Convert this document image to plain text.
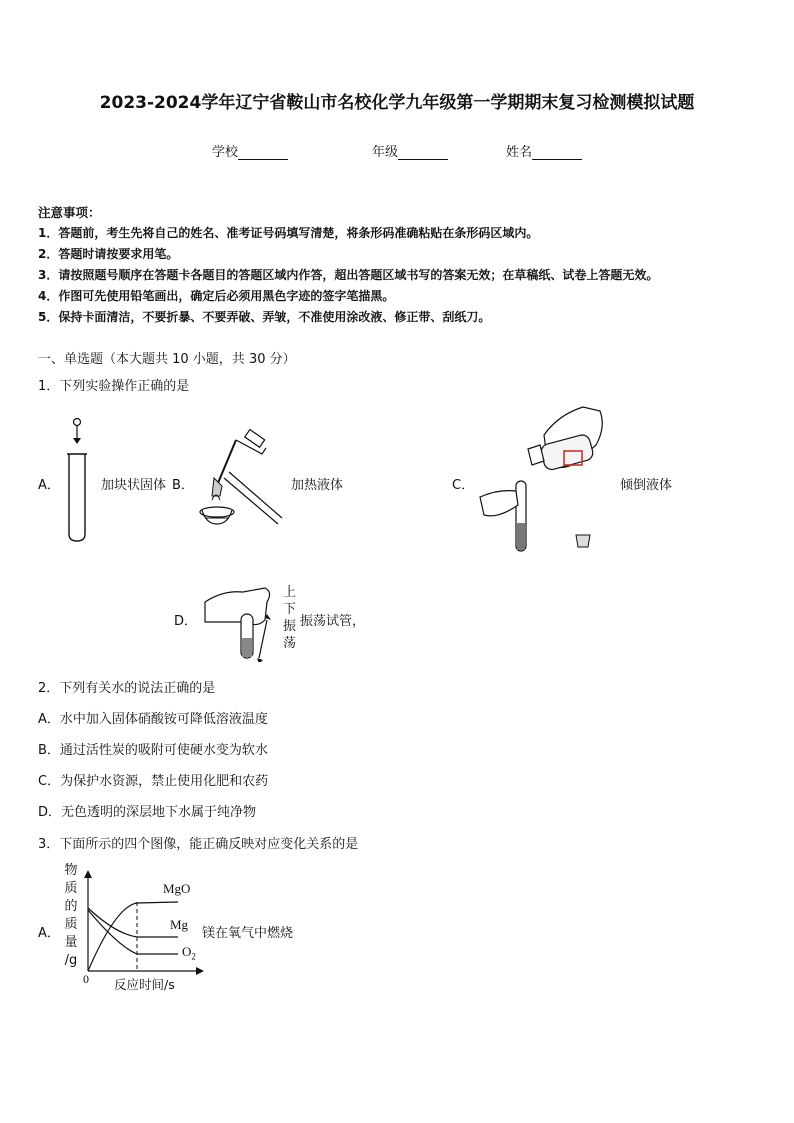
2023-2024学年辽宁省鞍山市名校化学九年级第一学期期末复习检测模拟试题
学校	年级	姓名
注意事项：
1．答题前，考生先将自己的姓名、准考证号码填写清楚，将条形码准确粘贴在条形码区域内。
2．答题时请按要求用笔。
3．请按照题号顺序在答题卡各题目的答题区域内作答，超出答题区域书写的答案无效；在草稿纸、试卷上答题无效。
4．作图可先使用铅笔画出，确定后必须用黑色字迹的签字笔描黑。
5．保持卡面清洁，不要折暴、不要弄破、弄皱，不准使用涂改液、修正带、刮纸刀。
一、单选题（本大题共 10 小题，共 30 分）
1．下列实验操作正确的是
A．	加块状固体 B．	加热液体	C．	倾倒液体
D．
上
下
振
荡
振荡试管，
2．下列有关水的说法正确的是
A．水中加入固体硝酸铵可降低溶液温度
B．通过活性炭的吸附可使硬水变为软水
C．为保护水资源，禁止使用化肥和农药
D．无色透明的深层地下水属于纯净物
3．下面所示的四个图像，能正确反映对应变化关系的是
A．
物
质
的
质
量
/g
MgO
Mg
$O_2$
0 反应时间/s
镁在氧气中燃烧
